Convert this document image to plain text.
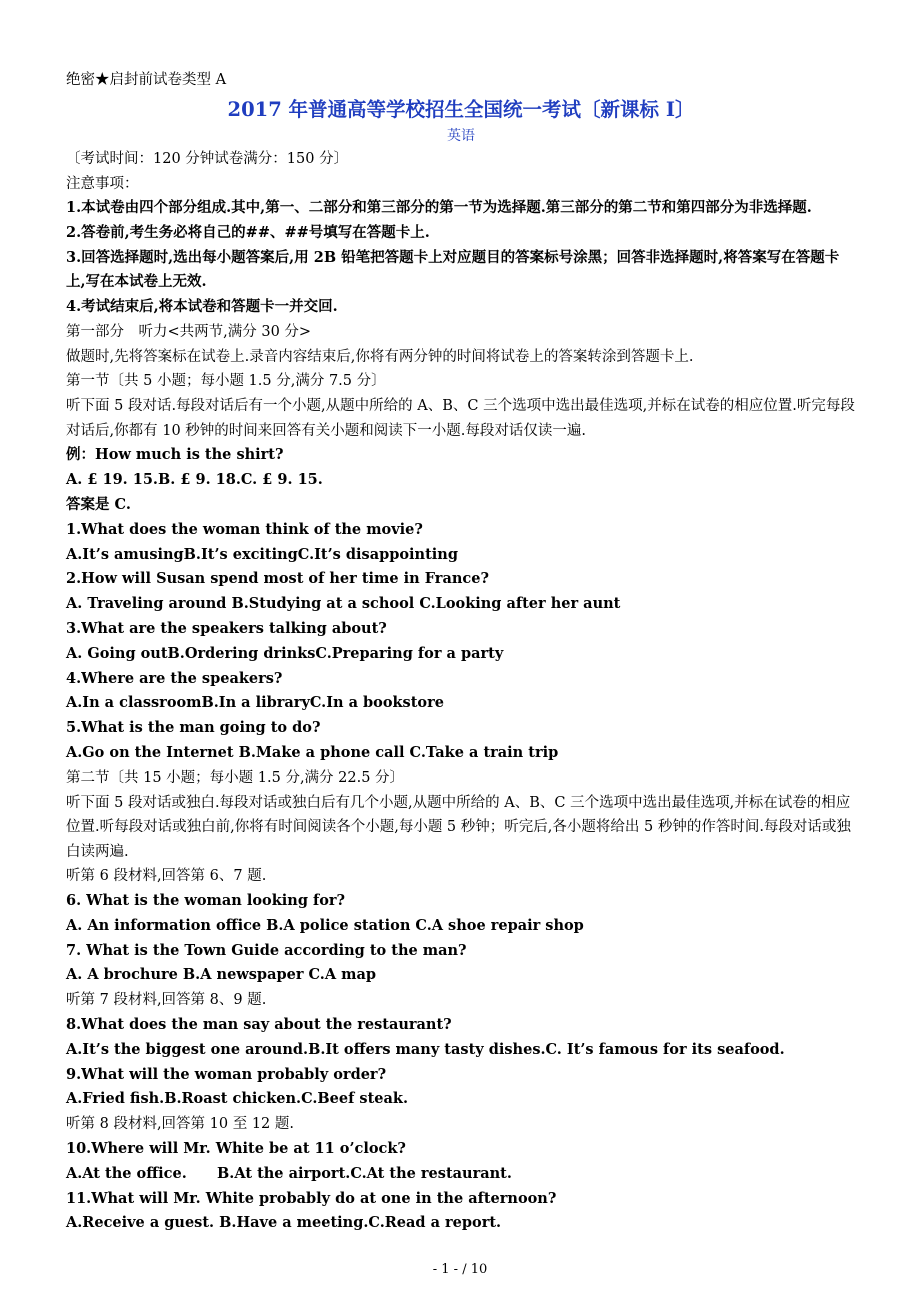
绝密★启封前试卷类型 A
2017 年普通高等学校招生全国统一考试〔新课标 I〕
英语
〔考试时间：120 分钟试卷满分：150 分〕
注意事项：
1.本试卷由四个部分组成.其中,第一、二部分和第三部分的第一节为选择题.第三部分的第二节和第四部分为非选择题.
2.答卷前,考生务必将自己的##、##号填写在答题卡上.
3.回答选择题时,选出每小题答案后,用 2B 铅笔把答题卡上对应题目的答案标号涂黑；回答非选择题时,将答案写在答题卡上,写在本试卷上无效.
4.考试结束后,将本试卷和答题卡一并交回.
第一部分　听力<共两节,满分 30 分>
做题时,先将答案标在试卷上.录音内容结束后,你将有两分钟的时间将试卷上的答案转涂到答题卡上.
第一节〔共 5 小题；每小题 1.5 分,满分 7.5 分〕
听下面 5 段对话.每段对话后有一个小题,从题中所给的 A、B、C 三个选项中选出最佳选项,并标在试卷的相应位置.听完每段对话后,你都有 10 秒钟的时间来回答有关小题和阅读下一小题.每段对话仅读一遍.
例：How much is the shirt?
A. £ 19. 15.B. £ 9. 18.C. £ 9. 15.
答案是 C.
1.What does the woman think of the movie?
A.It’s amusingB.It’s excitingC.It’s disappointing
2.How will Susan spend most of her time in France?
A. Traveling around B.Studying at a school C.Looking after her aunt
3.What are the speakers talking about?
A. Going outB.Ordering drinksC.Preparing for a party
4.Where are the speakers?
A.In a classroomB.In a libraryC.In a bookstore
5.What is the man going to do?
A.Go on the Internet B.Make a phone call C.Take a train trip
第二节〔共 15 小题；每小题 1.5 分,满分 22.5 分〕
听下面 5 段对话或独白.每段对话或独白后有几个小题,从题中所给的 A、B、C 三个选项中选出最佳选项,并标在试卷的相应位置.听每段对话或独白前,你将有时间阅读各个小题,每小题 5 秒钟；听完后,各小题将给出 5 秒钟的作答时间.每段对话或独白读两遍.
听第 6 段材料,回答第 6、7 题.
6. What is the woman looking for?
A. An information office B.A police station C.A shoe repair shop
7. What is the Town Guide according to the man?
A. A brochure B.A newspaper C.A map
听第 7 段材料,回答第 8、9 题.
8.What does the man say about the restaurant?
A.It’s the biggest one around.B.It offers many tasty dishes.C. It’s famous for its seafood.
9.What will the woman probably order?
A.Fried fish.B.Roast chicken.C.Beef steak.
听第 8 段材料,回答第 10 至 12 题.
10.Where will Mr. White be at 11 o’clock?
A.At the office.      B.At the airport.C.At the restaurant.
11.What will Mr. White probably do at one in the afternoon?
A.Receive a guest. B.Have a meeting.C.Read a report.
- 1 - / 10
